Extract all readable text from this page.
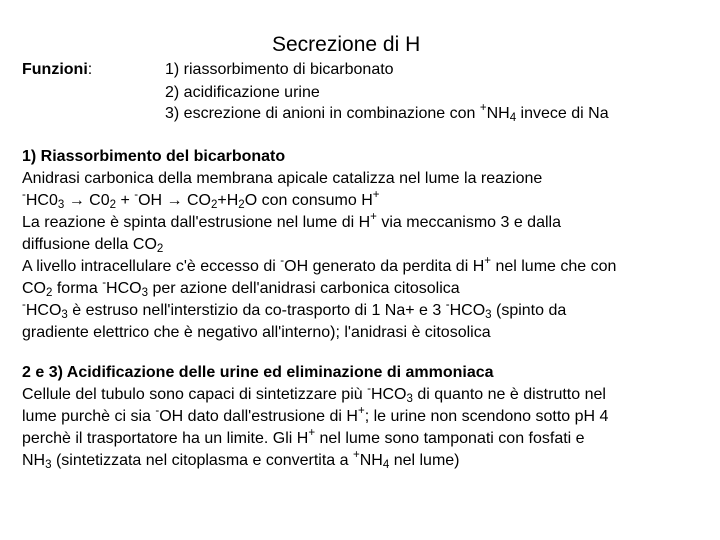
Secrezione di H
Funzioni:	1) riassorbimento di bicarbonato
2) acidificazione urine
3) escrezione di anioni in combinazione con $^+NH_4$ invece di Na
1) Riassorbimento del bicarbonato
Anidrasi carbonica della membrana apicale catalizza nel lume la reazione
$^-HC0_3 \to C0_2 + ^-OH \to CO_2+H_2O$ con consumo H+
La reazione è spinta dall'estrusione nel lume di H+ via meccanismo 3 e dalla
diffusione della $CO_2$
A livello intracellulare c'è eccesso di -OH generato da perdita di H+ nel lume che con
$CO_2$ forma $^-HCO_3$ per azione dell'anidrasi carbonica citosolica
$^-HCO_3$ è estruso nell'interstizio da co-trasporto di 1 Na+ e 3 $^-HCO_3$ (spinto da
gradiente elettrico che è negativo all'interno); l'anidrasi è citosolica
2 e 3) Acidificazione delle urine ed eliminazione di ammoniaca
Cellule del tubulo sono capaci di sintetizzare più $^-HCO_3$ di quanto ne è distrutto nel
lume purchè ci sia -OH dato dall'estrusione di H+; le urine non scendono sotto pH 4
perchè il trasportatore ha un limite. Gli H+ nel lume sono tamponati con fosfati e
$NH_3$ (sintetizzata nel citoplasma e convertita a $^+NH_4$ nel lume)
